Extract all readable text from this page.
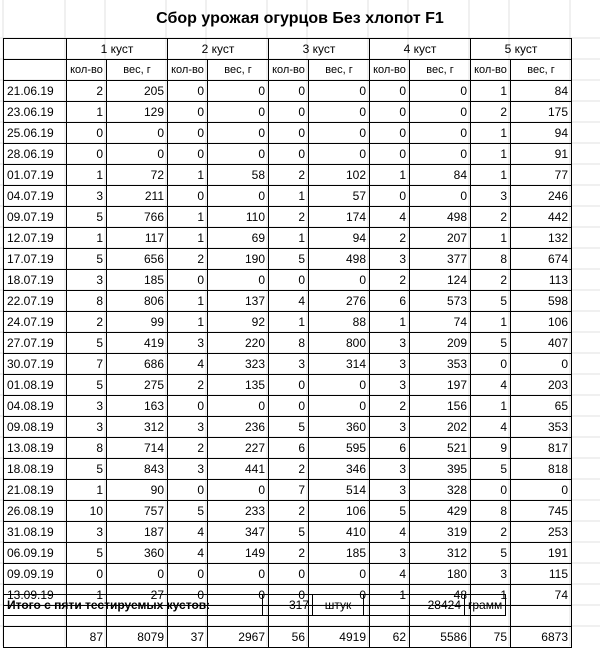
Сбор урожая огурцов Без хлопот F1
	1 куст		2 куст		3 куст		4 куст		5 куст	
	кол-во	вес, г	кол-во	вес, г	кол-во	вес, г	кол-во	вес, г	кол-во	вес, г
21.06.19	2	205	0	0	0	0	0	0	1	84
23.06.19	1	129	0	0	0	0	0	0	2	175
25.06.19	0	0	0	0	0	0	0	0	1	94
28.06.19	0	0	0	0	0	0	0	0	1	91
01.07.19	1	72	1	58	2	102	1	84	1	77
04.07.19	3	211	0	0	1	57	0	0	3	246
09.07.19	5	766	1	110	2	174	4	498	2	442
12.07.19	1	117	1	69	1	94	2	207	1	132
17.07.19	5	656	2	190	5	498	3	377	8	674
18.07.19	3	185	0	0	0	0	2	124	2	113
22.07.19	8	806	1	137	4	276	6	573	5	598
24.07.19	2	99	1	92	1	88	1	74	1	106
27.07.19	5	419	3	220	8	800	3	209	5	407
30.07.19	7	686	4	323	3	314	3	353	0	0
01.08.19	5	275	2	135	0	0	3	197	4	203
04.08.19	3	163	0	0	0	0	2	156	1	65
09.08.19	3	312	3	236	5	360	3	202	4	353
13.08.19	8	714	2	227	6	595	6	521	9	817
18.08.19	5	843	3	441	2	346	3	395	5	818
21.08.19	1	90	0	0	7	514	3	328	0	0
26.08.19	10	757	5	233	2	106	5	429	8	745
31.08.19	3	187	4	347	5	410	4	319	2	253
06.09.19	5	360	4	149	2	185	3	312	5	191
09.09.19	0	0	0	0	0	0	4	180	3	115
13.09.19	1	27	0	0	0	0	1	48	1	74

	87	8079	37	2967	56	4919	62	5586	75	6873
Итого с пяти тестируемых кустов:	317	штук		28424	грамм
